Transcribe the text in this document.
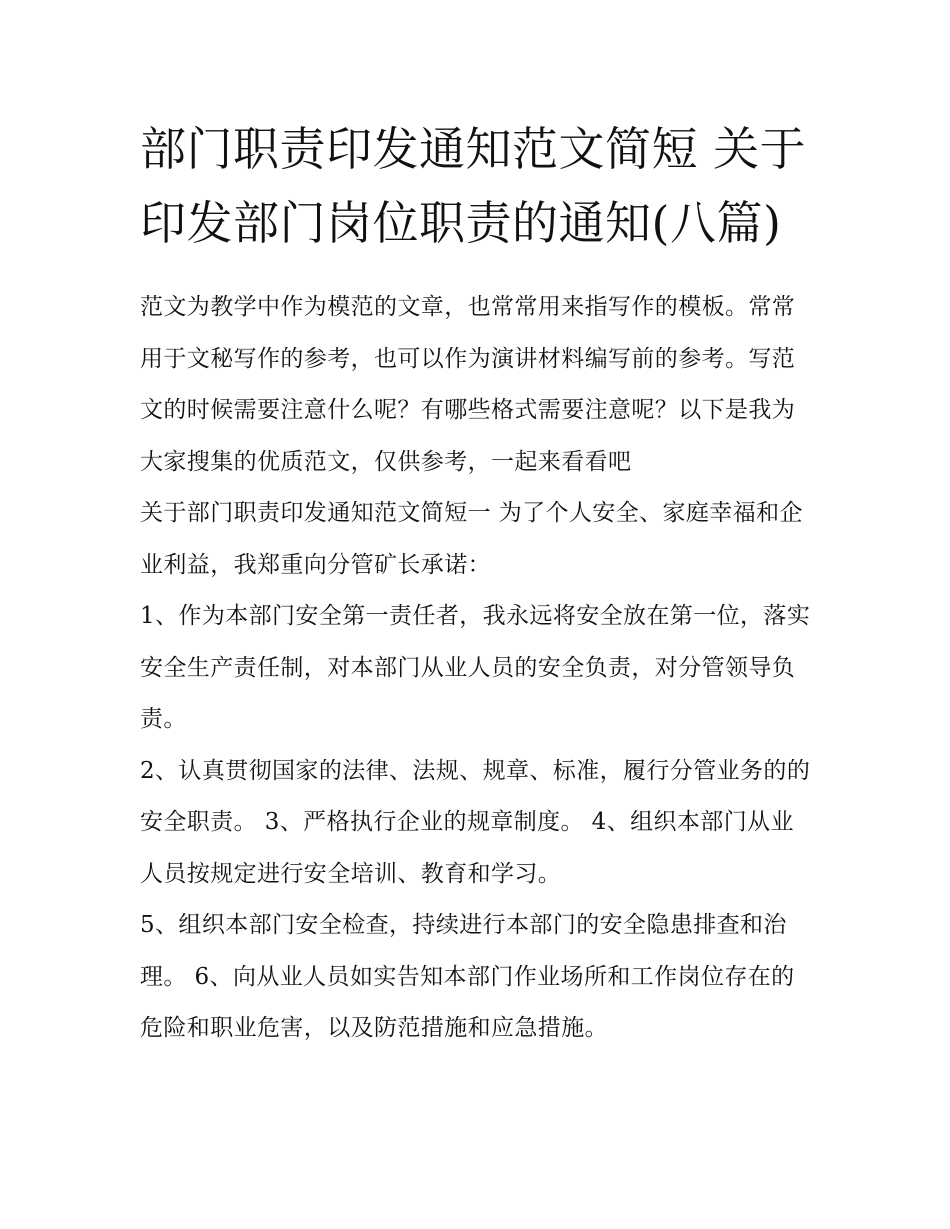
部门职责印发通知范文简短 关于印发部门岗位职责的通知(八篇)

范文为教学中作为模范的文章，也常常用来指写作的模板。常常用于文秘写作的参考，也可以作为演讲材料编写前的参考。写范文的时候需要注意什么呢？有哪些格式需要注意呢？以下是我为大家搜集的优质范文，仅供参考，一起来看看吧

关于部门职责印发通知范文简短一 为了个人安全、家庭幸福和企业利益，我郑重向分管矿长承诺：

1、作为本部门安全第一责任者，我永远将安全放在第一位，落实安全生产责任制，对本部门从业人员的安全负责，对分管领导负责。

2、认真贯彻国家的法律、法规、规章、标准，履行分管业务的的安全职责。 3、严格执行企业的规章制度。 4、组织本部门从业人员按规定进行安全培训、教育和学习。

5、组织本部门安全检查，持续进行本部门的安全隐患排查和治理。 6、向从业人员如实告知本部门作业场所和工作岗位存在的危险和职业危害，以及防范措施和应急措施。
